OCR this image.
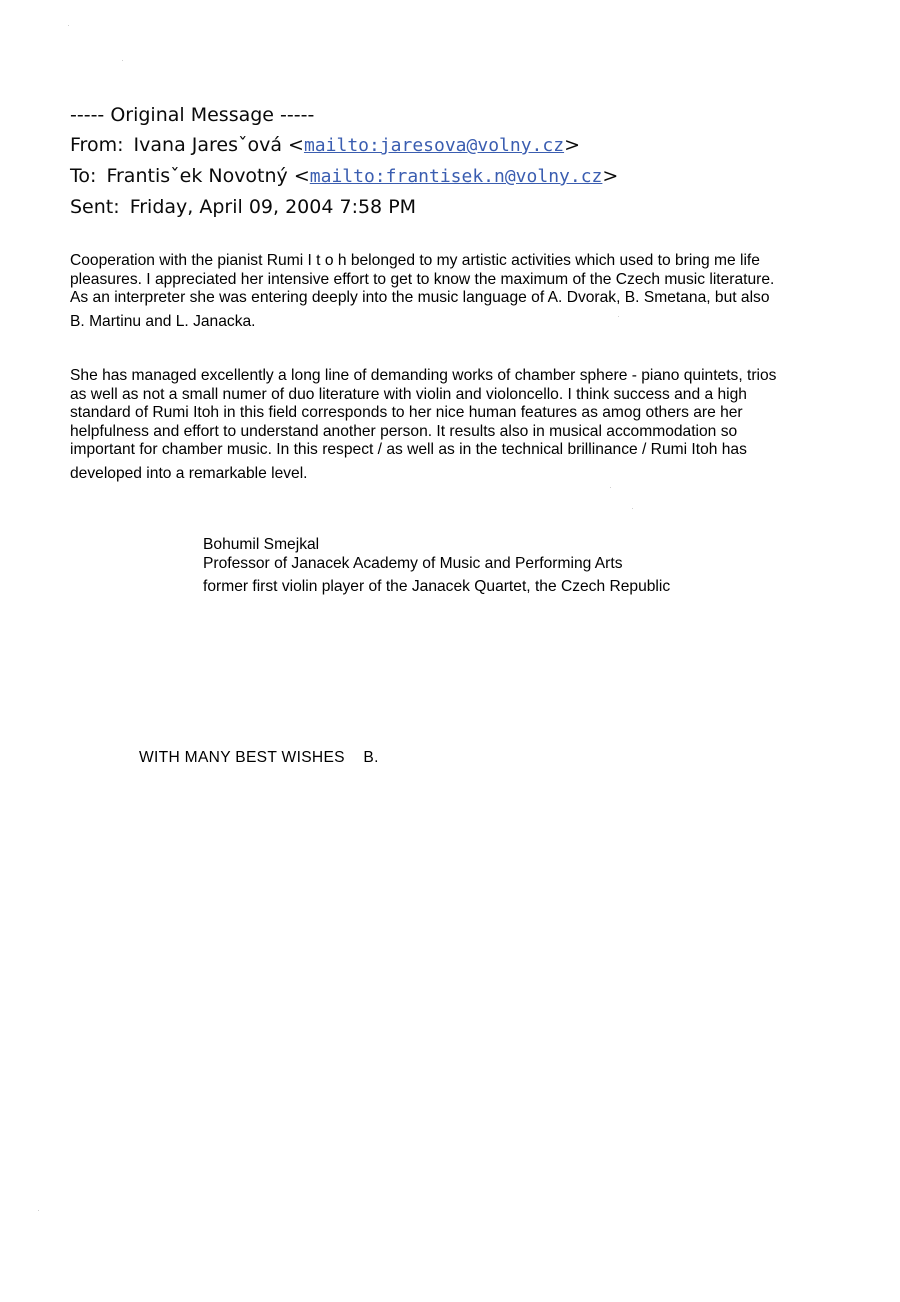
----- Original Message -----
From: Ivana Jaresˇová <mailto:jaresova@volny.cz>
To: Frantisˇek Novotný <mailto:frantisek.n@volny.cz>
Sent: Friday, April 09, 2004 7:58 PM

Cooperation with the pianist Rumi I t o h belonged to my artistic activities which used to bring me life

pleasures. I appreciated her intensive effort to get to know the maximum of the Czech music literature.

As an interpreter she was entering deeply into the music language of A. Dvorak, B. Smetana, but also

B. Martinu and L. Janacka.

She has managed excellently a long line of demanding works of chamber sphere - piano quintets, trios

as well as not a small numer of duo literature with violin and violoncello. I think success and a high

standard of Rumi Itoh in this field corresponds to her nice human features as amog others are her

helpfulness and effort to understand another person. It results also in musical accommodation so

important for chamber music. In this respect / as well as in the technical brillinance / Rumi Itoh has

developed into a remarkable level.

Bohumil Smejkal
Professor of Janacek Academy of Music and Performing Arts
former first violin player of the Janacek Quartet, the Czech Republic
WITH MANY BEST WISHES    B.
